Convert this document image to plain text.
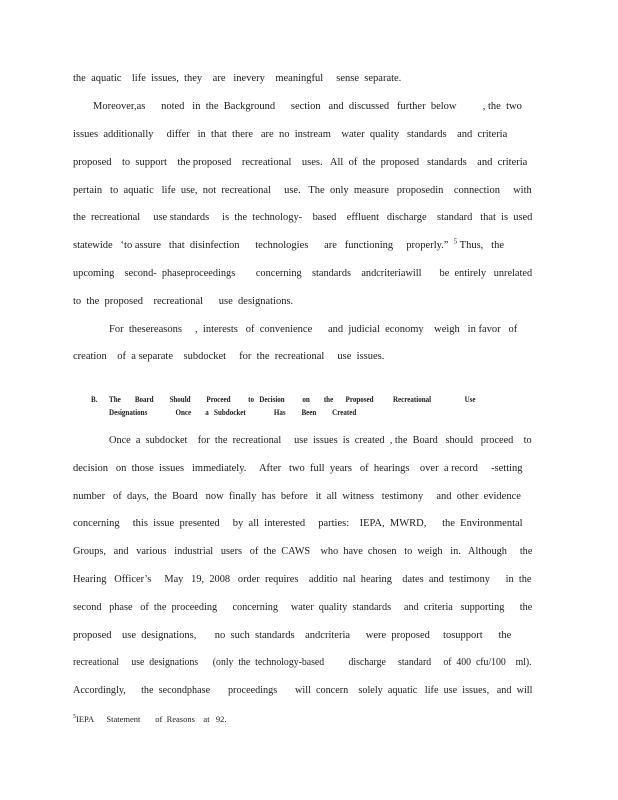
the  aquatic    life  issues,  they    are   inevery    meaningful     sense  separate.
Moreover,as      noted   in  the  Background      section   and  discussed   further  below          , the  two
issues  additionally     differ   in  that  there   are  no  instream    water  quality   standards    and  criteria
proposed    to  support    the proposed    recreational    uses.   All  of  the  proposed   standards    and  criteria
pertain   to  aquatic   life  use,  not  recreational     use.   The  only  measure   proposedin    connection     with
the  recreational     use standards     is  the  technology-    based    effluent   discharge    standard   that  is  used
statewide   ‘to assure   that  disinfection      technologies      are   functioning     properly.” $^5$ Thus,   the
upcoming    second-  phaseproceedings        concerning    standards    andcriteriawill       be  entirely   unrelated
to  the  proposed    recreational      use  designations.
For  thesereasons     ,  interests   of  convenience      and  judicial  economy    weigh   in favor   of
creation    of  a separate    subdocket     for  the  recreational     use  issues.
B. The        Board         Should         Proceed          to   Decision          on        the       Proposed           Recreational                   Use
Designations                Once        a   Subdocket                Has         Been         Created
Once  a  subdocket    for  the  recreational     use  issues  is  created  , the  Board   should   proceed    to
decision   on  those  issues   immediately.     After   two  full  years   of  hearings    over  a record     -setting
number   of  days,  the  Board   now  finally  has  before   it  all  witness   testimony     and  other  evidence
concerning     this  issue  presented     by  all  interested     parties:    IEPA,  MWRD,      the  Environmental
Groups,   and   various   industrial   users   of  the  CAWS    who  have  chosen   to  weigh   in.   Although     the
Hearing   Officer’s     May   19,  2008   order  requires    additio  nal  hearing    dates  and  testimony      in  the
second   phase   of  the  proceeding      concerning     water  quality  standards     and  criteria   supporting      the
proposed    use  designations,       no  such  standards    andcriteria      were  proposed     tosupport      the
recreational     use  designations      (only  the  technology-based          discharge     standard     of  400  cfu/100    ml).
Accordingly,      the  secondphase       proceedings       will  concern    solely  aquatic   life  use  issues,   and  will
$^5$IEPA      Statement       of  Reasons    at   92.
